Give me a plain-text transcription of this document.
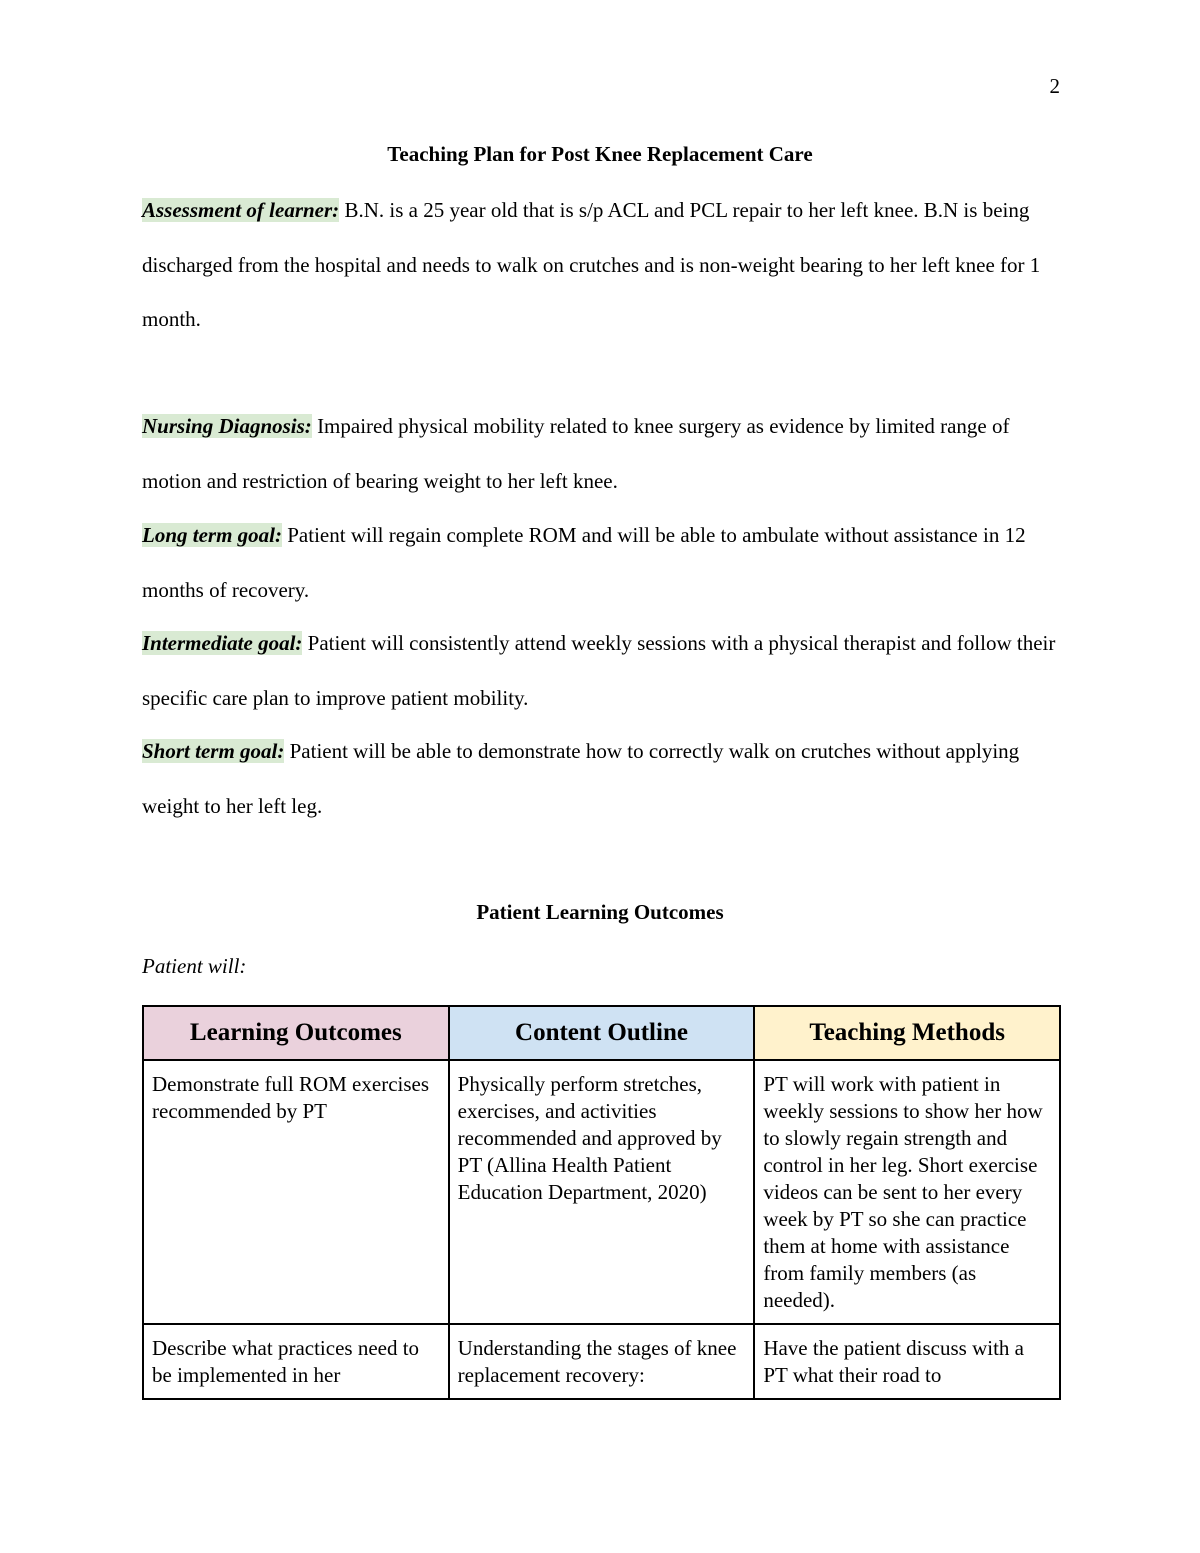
2
Teaching Plan for Post Knee Replacement Care
Assessment of learner: B.N. is a 25 year old that is s/p ACL and PCL repair to her left knee. B.N is being discharged from the hospital and needs to walk on crutches and is non-weight bearing to her left knee for 1 month.
Nursing Diagnosis: Impaired physical mobility related to knee surgery as evidence by limited range of motion and restriction of bearing weight to her left knee.
Long term goal: Patient will regain complete ROM and will be able to ambulate without assistance in 12 months of recovery.
Intermediate goal: Patient will consistently attend weekly sessions with a physical therapist and follow their specific care plan to improve patient mobility.
Short term goal: Patient will be able to demonstrate how to correctly walk on crutches without applying weight to her left leg.
Patient Learning Outcomes
Patient will:
Learning Outcomes	Content Outline	Teaching Methods
Demonstrate full ROM exercises recommended by PT	Physically perform stretches, exercises, and activities recommended and approved by PT (Allina Health Patient Education Department, 2020)	PT will work with patient in weekly sessions to show her how to slowly regain strength and control in her leg. Short exercise videos can be sent to her every week by PT so she can practice them at home with assistance from family members (as needed).
Describe what practices need to be implemented in her	Understanding the stages of knee replacement recovery:	Have the patient discuss with a PT what their road to
